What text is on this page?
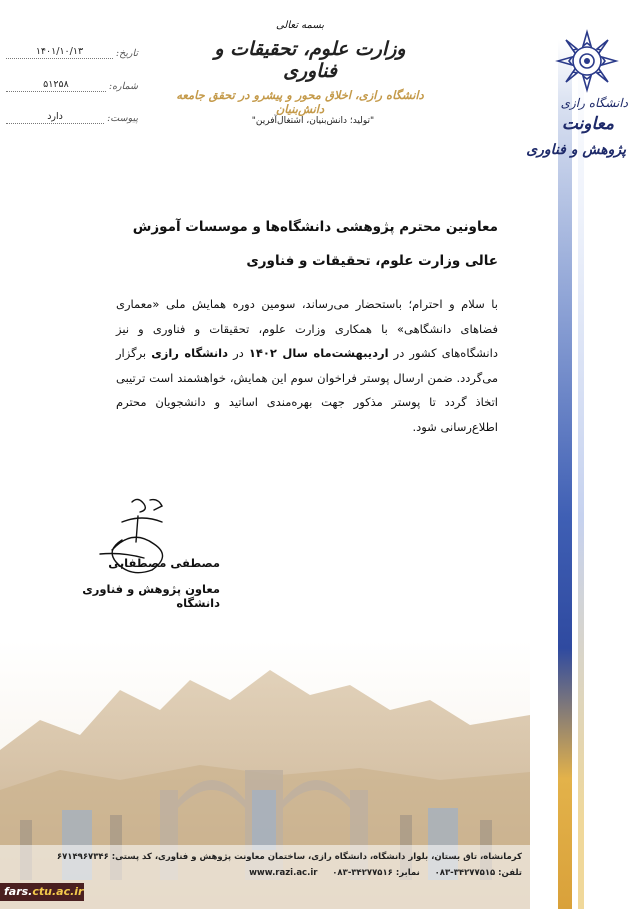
دانشگاه رازی
معاونت
پژوهش و فناوری
بسمه تعالی
وزارت علوم، تحقیقات و فناوری
دانشگاه رازی، اخلاق محور و پیشرو در تحقق جامعه دانش‌بنیان
"تولید؛ دانش‌بنیان، اشتغال‌آفرین"
تاریخ:
۱۴۰۱/۱۰/۱۳
شماره:
۵۱۲۵۸
پیوست:
دارد
معاونین محترم پژوهشی دانشگاه‌ها و موسسات آموزش عالی وزارت علوم، تحقیقات و فناوری
با سلام و احترام؛ باستحضار می‌رساند، سومین دوره همایش ملی «معماری فضاهای دانشگاهی» با همکاری وزارت علوم، تحقیقات و فناوری و نیز دانشگاه‌های کشور در اردیبهشت‌ماه سال ۱۴۰۲ در دانشگاه رازی برگزار می‌گردد. ضمن ارسال پوستر فراخوان سوم این همایش، خواهشمند است ترتیبی اتخاذ گردد تا پوستر مذکور جهت بهره‌مندی اساتید و دانشجویان محترم اطلاع‌رسانی شود.
مصطفی مصطفایی
معاون پژوهش و فناوری دانشگاه
کرمانشاه، تاق بستان، بلوار دانشگاه، دانشگاه رازی، ساختمان معاونت پژوهش و فناوری، کد پستی: ۶۷۱۴۹۶۷۳۴۶
تلفن: ۳۴۲۷۷۵۱۵-۰۸۳     نمابر: ۳۴۲۷۷۵۱۶-۰۸۳     www.razi.ac.ir
fars.ctu.ac.ir
